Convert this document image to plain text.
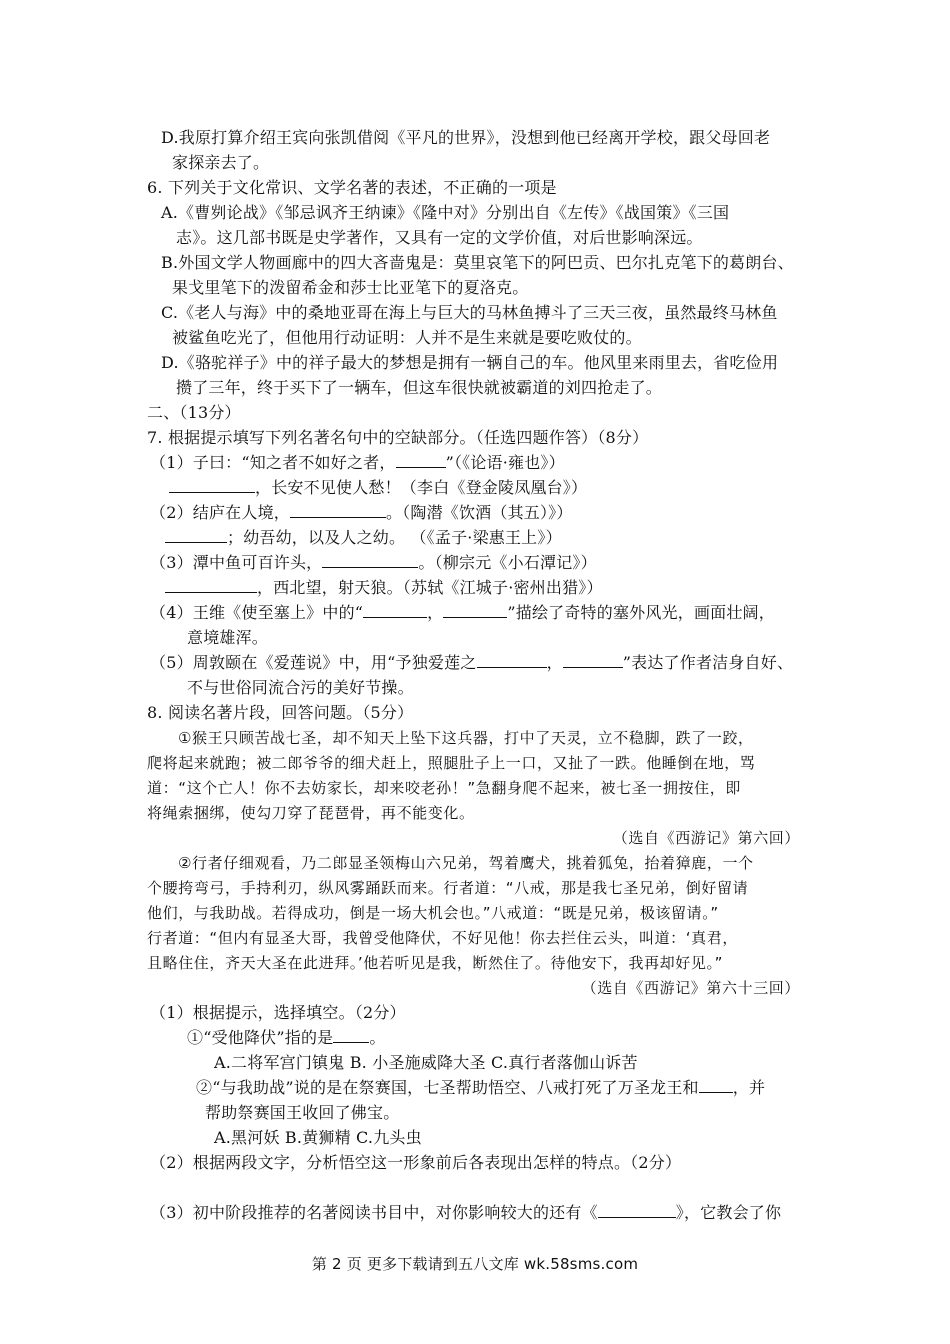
D.我原打算介绍王宾向张凯借阅《平凡的世界》，没想到他已经离开学校，跟父母回老
家探亲去了。
6. 下列关于文化常识、文学名著的表述，不正确的一项是
A.《曹刿论战》《邹忌讽齐王纳谏》《隆中对》分别出自《左传》《战国策》《三国
志》。这几部书既是史学著作，又具有一定的文学价值，对后世影响深远。
B.外国文学人物画廊中的四大吝啬鬼是：莫里哀笔下的阿巴贡、巴尔扎克笔下的葛朗台、
果戈里笔下的泼留希金和莎士比亚笔下的夏洛克。
C.《老人与海》中的桑地亚哥在海上与巨大的马林鱼搏斗了三天三夜，虽然最终马林鱼
被鲨鱼吃光了，但他用行动证明：人并不是生来就是要吃败仗的。
D.《骆驼祥子》中的祥子最大的梦想是拥有一辆自己的车。他风里来雨里去，省吃俭用
攒了三年，终于买下了一辆车，但这车很快就被霸道的刘四抢走了。
二、（13分）
7. 根据提示填写下列名著名句中的空缺部分。（任选四题作答）（8分）
（1）子曰：“知之者不如好之者，	”（《论语·雍也》）
，长安不见使人愁！（李白《登金陵凤凰台》）
（2）结庐在人境，	。（陶潜《饮酒（其五）》）
；幼吾幼，以及人之幼。 （《孟子·梁惠王上》）
（3）潭中鱼可百许头，	。（柳宗元《小石潭记》）
，西北望，射天狼。（苏轼《江城子·密州出猎》）
（4）王维《使至塞上》中的“	，	”描绘了奇特的塞外风光，画面壮阔，
意境雄浑。
（5）周敦颐在《爱莲说》中，用“予独爱莲之	，	”表达了作者洁身自好、
不与世俗同流合污的美好节操。
8. 阅读名著片段，回答问题。（5分）
①猴王只顾苦战七圣，却不知天上坠下这兵器，打中了天灵，立不稳脚，跌了一跤，
爬将起来就跑；被二郎爷爷的细犬赶上，照腿肚子上一口，又扯了一跌。他睡倒在地，骂
道：“这个亡人！你不去妨家长，却来咬老孙！”急翻身爬不起来，被七圣一拥按住，即
将绳索捆绑，使勾刀穿了琵琶骨，再不能变化。
（选自《西游记》第六回）
②行者仔细观看，乃二郎显圣领梅山六兄弟，驾着鹰犬，挑着狐兔，抬着獐鹿，一个
个腰挎弯弓，手持利刃，纵风雾踊跃而来。行者道：“八戒，那是我七圣兄弟，倒好留请
他们，与我助战。若得成功，倒是一场大机会也。”八戒道：“既是兄弟，极该留请。”
行者道：“但内有显圣大哥，我曾受他降伏，不好见他！你去拦住云头，叫道：‘真君，
且略住住，齐天大圣在此进拜。’他若听见是我，断然住了。待他安下，我再却好见。”
（选自《西游记》第六十三回）
（1）根据提示，选择填空。（2分）
①“受他降伏”指的是 。
A.二将军宫门镇鬼 B. 小圣施威降大圣 C.真行者落伽山诉苦
②“与我助战”说的是在祭赛国，七圣帮助悟空、八戒打死了万圣龙王和 ，并
帮助祭赛国王收回了佛宝。
A.黑河妖 B.黄狮精 C.九头虫
（2）根据两段文字，分析悟空这一形象前后各表现出怎样的特点。（2分）
（3）初中阶段推荐的名著阅读书目中，对你影响较大的还有《	》，它教会了你
第 2 页 更多下载请到五八文库 wk.58sms.com
